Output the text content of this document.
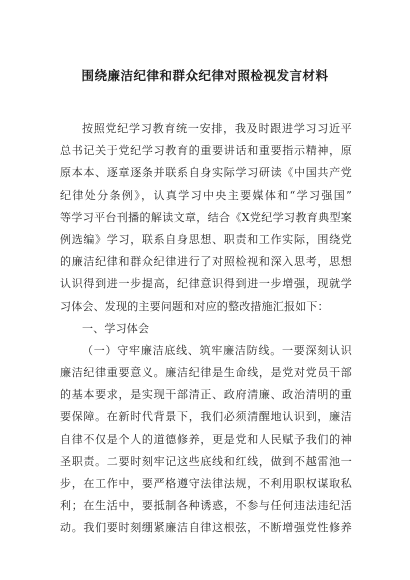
围绕廉洁纪律和群众纪律对照检视发言材料
按照党纪学习教育统一安排，我及时跟进学习习近平
总书记关于党纪学习教育的重要讲话和重要指示精神，原
原本本、逐章逐条并联系自身实际学习研读《中国共产党
纪律处分条例》，认真学习中央主要媒体和“学习强国”
等学习平台刊播的解读文章，结合《X党纪学习教育典型案
例选编》学习，联系自身思想、职责和工作实际，围绕党
的廉洁纪律和群众纪律进行了对照检视和深入思考，思想
认识得到进一步提高，纪律意识得到进一步增强，现就学
习体会、发现的主要问题和对应的整改措施汇报如下：
一、学习体会
（一）守牢廉洁底线、筑牢廉洁防线。一要深刻认识
廉洁纪律重要意义。廉洁纪律是生命线，是党对党员干部
的基本要求，是实现干部清正、政府清廉、政治清明的重
要保障。在新时代背景下，我们必须清醒地认识到，廉洁
自律不仅是个人的道德修养，更是党和人民赋予我们的神
圣职责。二要时刻牢记这些底线和红线，做到不越雷池一
步，在工作中，要严格遵守法律法规，不利用职权谋取私
利；在生活中，要抵制各种诱惑，不参与任何违法违纪活
动。我们要时刻绷紧廉洁自律这根弦，不断增强党性修养
